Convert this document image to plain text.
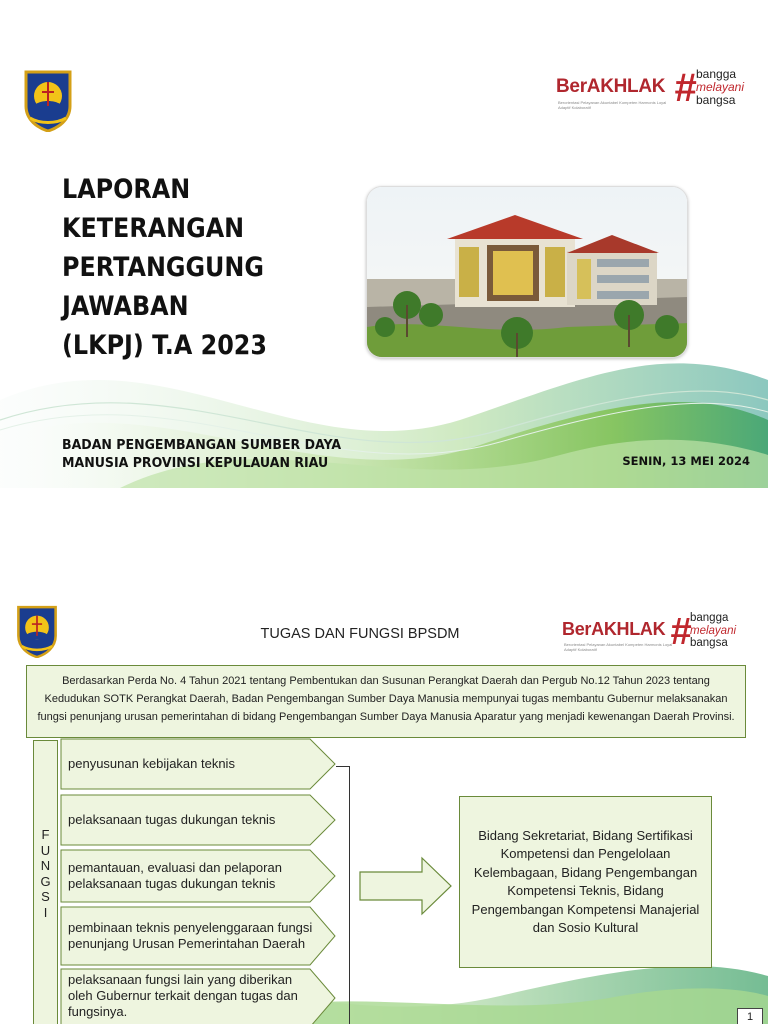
BerAKHLAK
Berorientasi Pelayanan Akuntabel Kompeten Harmonis Loyal Adaptif Kolaboratif	# bangga
melayani
bangsa
LAPORAN
KETERANGAN
PERTANGGUNG
JAWABAN
(LKPJ) T.A 2023
BADAN PENGEMBANGAN SUMBER DAYA
MANUSIA PROVINSI KEPULAUAN RIAU	SENIN, 13 MEI 2024
TUGAS DAN FUNGSI BPSDM	BerAKHLAK
Berorientasi Pelayanan Akuntabel Kompeten Harmonis Loyal Adaptif Kolaboratif	#
bangga
melayani
bangsa
Berdasarkan Perda No. 4 Tahun 2021 tentang Pembentukan dan Susunan Perangkat Daerah dan Pergub No.12 Tahun 2023 tentang Kedudukan SOTK Perangkat Daerah, Badan Pengembangan Sumber Daya Manusia mempunyai tugas membantu Gubernur melaksanakan fungsi penunjang urusan pemerintahan di bidang Pengembangan Sumber Daya Manusia Aparatur yang menjadi kewenangan Daerah Provinsi.
F
U
N
G
S
I
penyusunan kebijakan teknis
pelaksanaan tugas dukungan teknis
pemantauan, evaluasi dan pelaporan pelaksanaan tugas dukungan teknis
pembinaan teknis penyelenggaraan fungsi penunjang Urusan Pemerintahan Daerah
pelaksanaan fungsi lain yang diberikan oleh Gubernur terkait dengan tugas dan fungsinya.
Bidang Sekretariat, Bidang Sertifikasi Kompetensi dan Pengelolaan Kelembagaan, Bidang Pengembangan Kompetensi Teknis, Bidang Pengembangan Kompetensi Manajerial dan Sosio Kultural
1
